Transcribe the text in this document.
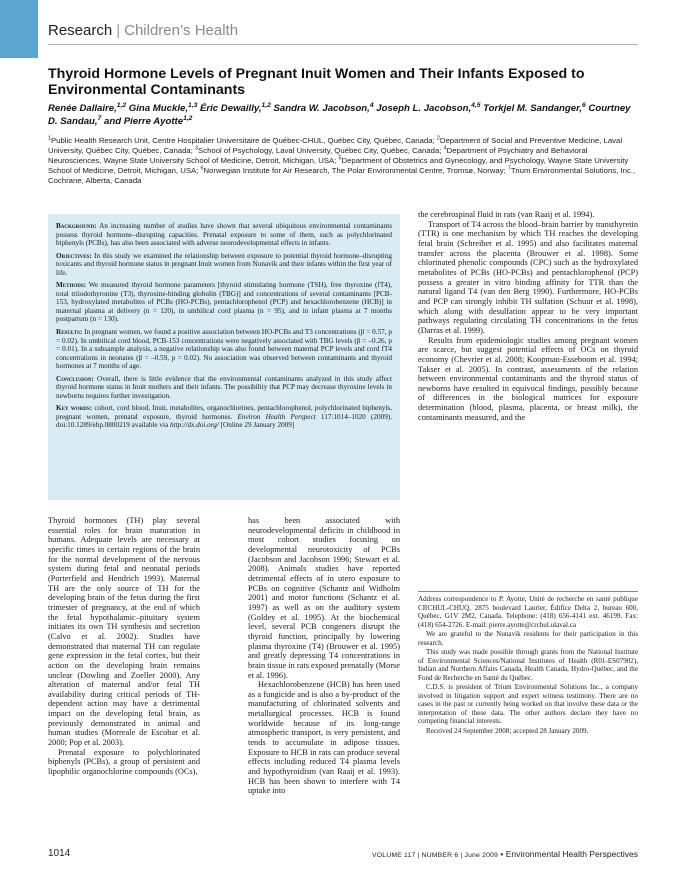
Research | Children’s Health
Thyroid Hormone Levels of Pregnant Inuit Women and Their Infants Exposed to Environmental Contaminants
Renée Dallaire,$^{1,2}$ Gina Muckle,$^{1,3}$ Éric Dewailly,$^{1,2}$ Sandra W. Jacobson,$^4$ Joseph L. Jacobson,$^{4,5}$ Torkjel M. Sandanger,$^6$ Courtney D. Sandau,$^7$ and Pierre Ayotte$^{1,2}$
$^1$Public Health Research Unit, Centre Hospitalier Universitaire de Québec-CHUL, Québec City, Québec, Canada; $^2$Department of Social and Preventive Medicine, Laval University, Québec City, Québec, Canada; $^3$School of Psychology, Laval University, Québec City, Québec, Canada; $^4$Department of Psychiatry and Behavioral Neurosciences, Wayne State University School of Medicine, Detroit, Michigan, USA; $^5$Department of Obstetrics and Gynecology, and Psychology, Wayne State University School of Medicine, Detroit, Michigan, USA; $^6$Norwegian Institute for Air Research, The Polar Environmental Centre, Tromsø, Norway; $^7$Trium Environmental Solutions, Inc., Cochrane, Alberta, Canada

Background: An increasing number of studies have shown that several ubiquitous environmental contaminants possess thyroid hormone–disrupting capacities. Prenatal exposure to some of them, such as polychlorinated biphenyls (PCBs), has also been associated with adverse neurodevelopmental effects in infants.

Objectives: In this study we examined the relationship between exposure to potential thyroid hormone–disrupting toxicants and thyroid hormone status in pregnant Inuit women from Nunavik and their infants within the first year of life.

Methods: We measured thyroid hormone parameters [thyroid stimulating hormone (TSH), free thyroxine (fT4), total triiodothyronine (T3), thyroxine-binding globulin (TBG)] and concentrations of several contaminants [PCB-153, hydroxylated metabolites of PCBs (HO-PCBs), pentachlorophenol (PCP) and hexachlorobenzene (HCB)] in maternal plasma at delivery (n = 120), in umbilical cord plasma (n = 95), and in infant plasma at 7 months postpartum (n = 130).

Results: In pregnant women, we found a positive association between HO-PCBs and T3 concentrations (β = 0.57, p = 0.02). In umbilical cord blood, PCB-153 concentrations were negatively associated with TBG levels (β = –0.26, p = 0.01). In a subsample analysis, a negative relationship was also found between maternal PCP levels and cord fT4 concentrations in neonates (β = –0.59, p = 0.02). No association was observed between contaminants and thyroid hormones at 7 months of age.

Conclusion: Overall, there is little evidence that the environmental contaminants analyzed in this study affect thyroid hormone status in Inuit mothers and their infants. The possibility that PCP may decrease thyroxine levels in newborns requires further investigation.

Key words: cohort, cord blood, Inuit, metabolites, organochlorines, pentachlorophenol, polychlorinated biphenyls, pregnant women, prenatal exposure, thyroid hormones. Environ Health Perspect 117:1014–1020 (2009). doi:10.1289/ehp.0800219 available via http://dx.doi.org/ [Online 29 January 2009]

Thyroid hormones (TH) play several essential roles for brain maturation in humans. Adequate levels are necessary at specific times in certain regions of the brain for the normal development of the nervous system during fetal and neonatal periods (Porterfield and Hendrich 1993). Maternal TH are the only source of TH for the developing brain of the fetus during the first trimester of pregnancy, at the end of which the fetal hypothalamic–pituitary system initiates its own TH synthesis and secretion (Calvo et al. 2002). Studies have demonstrated that maternal TH can regulate gene expression in the fetal cortex, but their action on the developing brain remains unclear (Dowling and Zoeller 2000). Any alteration of maternal and/or fetal TH availability during critical periods of TH-dependent action may have a detrimental impact on the developing fetal brain, as previously demonstrated in animal and human studies (Morreale de Escobar et al. 2000; Pop et al. 2003).

Prenatal exposure to polychlorinated biphenyls (PCBs), a group of persistent and lipophilic organochlorine compounds (OCs),

has been associated with neurodevelopmental deficits in childhood in most cohort studies focusing on developmental neurotoxicity of PCBs (Jacobson and Jacobson 1996; Stewart et al. 2008). Animals studies have reported detrimental effects of in utero exposure to PCBs on cognitive (Schantz and Widholm 2001) and motor functions (Schantz et al. 1997) as well as on the auditory system (Goldey et al. 1995). At the biochemical level, several PCB congeners disrupt the thyroid function, principally by lowering plasma thyroxine (T4) (Brouwer et al. 1995) and greatly depressing T4 concentrations in brain tissue in rats exposed prenatally (Morse et al. 1996).

Hexachlorobenzene (HCB) has been used as a fungicide and is also a by-product of the manufacturing of chlorinated solvents and metallurgical processes. HCB is found worldwide because of its long-range atmospheric transport, is very persistent, and tends to accumulate in adipose tissues. Exposure to HCB in rats can produce several effects including reduced T4 plasma levels and hypothyroidism (van Raaij et al. 1993). HCB has been shown to interfere with T4 uptake into

the cerebrospinal fluid in rats (van Raaij et al. 1994).

Transport of T4 across the blood–brain barrier by transthyretin (TTR) is one mechanism by which TH reaches the developing fetal brain (Schreiber et al. 1995) and also facilitates maternal transfer across the placenta (Brouwer et al. 1998). Some chlorinated phenolic compounds (CPC) such as the hydroxylated metabolites of PCBs (HO-PCBs) and pentachlorophenol (PCP) possess a greater in vitro binding affinity for TTR than the natural ligand T4 (van den Berg 1990). Furthermore, HO-PCBs and PCP can strongly inhibit TH sulfation (Schuur et al. 1998), which along with desulfation appear to be very important pathways regulating circulating TH concentrations in the fetus (Darras et al. 1999).

Results from epidemiologic studies among pregnant women are scarce, but suggest potential effects of OCs on thyroid economy (Chevrier et al. 2008; Koopman-Esseboom et al. 1994; Takser et al. 2005). In contrast, assessments of the relation between environmental contaminants and the thyroid status of newborns have resulted in equivocal findings, possibly because of differences in the biological matrices for exposure determination (blood, plasma, placenta, or breast milk), the contaminants measured, and the

Address correspondence to P. Ayotte, Unité de recherche en santé publique CRCHUL-CHUQ, 2875 boulevard Laurier, Édifice Delta 2, bureau 600, Québec, G1V 2M2, Canada. Telephone: (418) 656-4141 ext. 46199. Fax: (418) 654-2726. E-mail: pierre.ayotte@crchul.ulaval.ca

We are grateful to the Nunavik residents for their participation in this research.

This study was made possible through grants from the National Institute of Environmental Sciences/National Institutes of Health (R01-ES07902), Indian and Northern Affairs Canada, Health Canada, Hydro-Québec, and the Fond de Recherche en Santé du Québec.

C.D.S. is president of Trium Environmental Solutions Inc., a company involved in litigation support and expert witness testimony. There are no cases in the past or currently being worked on that involve these data or the interpretation of these data. The other authors declare they have no competing financial interests.

Received 24 September 2008; accepted 28 January 2009.

1014	VOLUME 117 | NUMBER 6 | June 2009 • Environmental Health Perspectives
